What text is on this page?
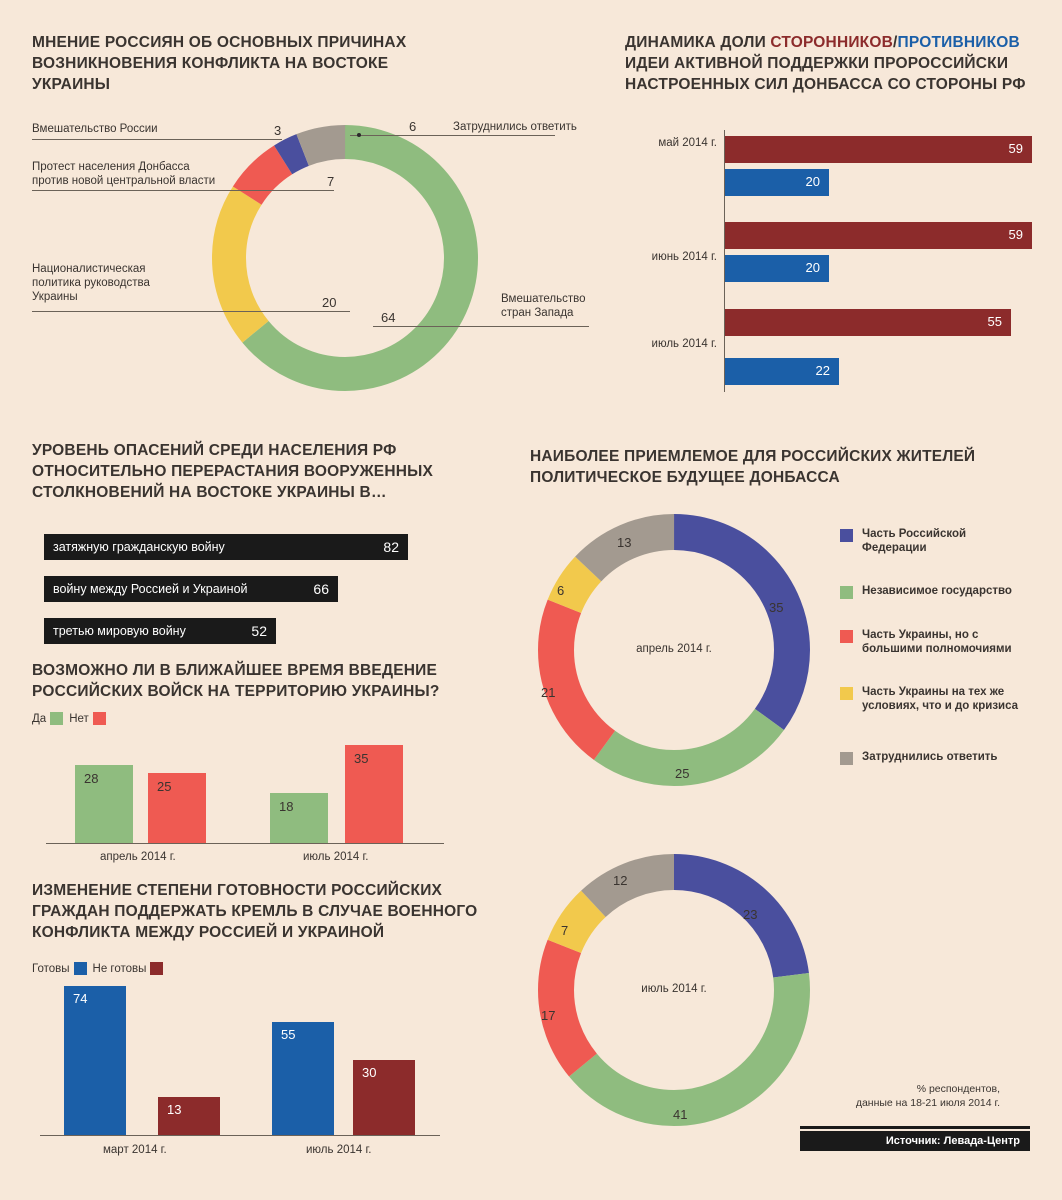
МНЕНИЕ РОССИЯН ОБ ОСНОВНЫХ ПРИЧИНАХ ВОЗНИКНОВЕНИЯ КОНФЛИКТА НА ВОСТОКЕ УКРАИНЫ
Вмешательство России	3
Протест населения Донбасса
против новой центральной власти	7
Националистическая
политика руководства
Украины	20
Затруднились ответить
6
Вмешательство
стран Запада
64
ДИНАМИКА ДОЛИ СТОРОННИКОВ/ПРОТИВНИКОВ
ИДЕИ АКТИВНОЙ ПОДДЕРЖКИ ПРОРОССИЙСКИ
НАСТРОЕННЫХ СИЛ ДОНБАССА СО СТОРОНЫ РФ
май 2014 г.	59
20
июнь 2014 г.
59
20
июль 2014 г.
55
22
УРОВЕНЬ ОПАСЕНИЙ СРЕДИ НАСЕЛЕНИЯ РФ ОТНОСИТЕЛЬНО ПЕРЕРАСТАНИЯ ВООРУЖЕННЫХ СТОЛКНОВЕНИЙ НА ВОСТОКЕ УКРАИНЫ В…
затяжную гражданскую войну	82
войну между Россией и Украиной	66
третью мировую войну	52
ВОЗМОЖНО ЛИ В БЛИЖАЙШЕЕ ВРЕМЯ ВВЕДЕНИЕ РОССИЙСКИХ ВОЙСК НА ТЕРРИТОРИЮ УКРАИНЫ?
Да Нет
28
25
18
35
апрель 2014 г.	июль 2014 г.
ИЗМЕНЕНИЕ СТЕПЕНИ ГОТОВНОСТИ РОССИЙСКИХ ГРАЖДАН ПОДДЕРЖАТЬ КРЕМЛЬ В СЛУЧАЕ ВОЕННОГО КОНФЛИКТА МЕЖДУ РОССИЕЙ И УКРАИНОЙ
Готовы Не готовы
74
13
55
30
март 2014 г.	июль 2014 г.
НАИБОЛЕЕ ПРИЕМЛЕМОЕ ДЛЯ РОССИЙСКИХ ЖИТЕЛЕЙ ПОЛИТИЧЕСКОЕ БУДУЩЕЕ ДОНБАССА
апрель 2014 г.
35
25
21
6
13
июль 2014 г.
23
41
17
7
12
Часть Российской Федерации
Независимое государство
Часть Украины, но с большими полномочиями
Часть Украины на тех же условиях, что и до кризиса
Затруднились ответить
% респондентов,
данные на 18-21 июля 2014 г.
Источник: Левада-Центр
